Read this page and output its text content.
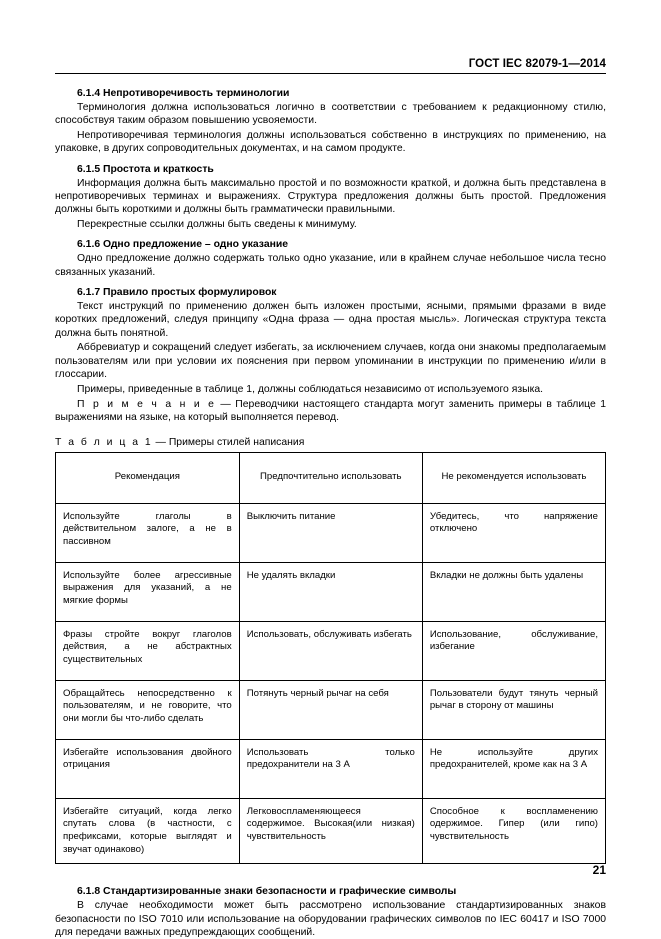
ГОСТ IEC 82079-1—2014
6.1.4 Непротиворечивость терминологии

Терминология должна использоваться логично в соответствии с требованием к редакционному стилю, способствуя таким образом повышению усвояемости.

Непротиворечивая терминология должны использоваться собственно в инструкциях по применению, на упаковке, в других сопроводительных документах, и на самом продукте.

6.1.5 Простота и краткость

Информация должна быть максимально простой и по возможности краткой, и должна быть представлена в непротиворечивых терминах и выражениях. Структура предложения должны быть простой. Предложения должны быть короткими и должны быть грамматически правильными.

Перекрестные ссылки должны быть сведены к минимуму.

6.1.6 Одно предложение – одно указание

Одно предложение должно содержать только одно указание, или в крайнем случае небольшое числа тесно связанных указаний.

6.1.7 Правило простых формулировок

Текст инструкций по применению должен быть изложен простыми, ясными, прямыми фразами в виде коротких предложений, следуя принципу «Одна фраза — одна простая мысль». Логическая структура текста должна быть понятной.

Аббревиатур и сокращений следует избегать, за исключением случаев, когда они знакомы предполагаемым пользователям или при условии их пояснения при первом упоминании в инструкции по применению и/или в глоссарии.

Примеры, приведенные в таблице 1, должны соблюдаться независимо от используемого языка.

П р и м е ч а н и е — Переводчики настоящего стандарта могут заменить примеры в таблице 1 выражениями на языке, на который выполняется перевод.

Т а б л и ц а 1 — Примеры стилей написания
Рекомендация	Предпочтительно использовать	Не рекомендуется использовать
Используйте глаголы в действительном залоге, а не в пассивном	Выключить питание	Убедитесь, что напряжение отключено
Используйте более агрессивные выражения для указаний, а не мягкие формы	Не удалять вкладки	Вкладки не должны быть удалены
Фразы стройте вокруг глаголов действия, а не абстрактных существительных	Использовать, обслуживать избегать	Использование, обслуживание, избегание
Обращайтесь непосредственно к пользователям, и не говорите, что они могли бы что-либо сделать	Потянуть черный рычаг на себя	Пользователи будут тянуть черный рычаг в сторону от машины
Избегайте использования двойного отрицания	Использовать только предохранители на 3 А	Не используйте других предохранителей, кроме как на 3 А
Избегайте ситуаций, когда легко спутать слова (в частности, с префиксами, которые выглядят и звучат одинаково)	Легковоспламеняющееся содержимое. Высокая(или низкая) чувствительность	Способное к воспламенению одержимое. Гипер (или гипо) чувствительность
6.1.8 Стандартизированные знаки безопасности и графические символы

В случае необходимости может быть рассмотрено использование стандартизированных знаков безопасности по ISO 7010 или использование на оборудовании графических символов по IEC 60417 и ISO 7000 для передачи важных предупреждающих сообщений.

21
